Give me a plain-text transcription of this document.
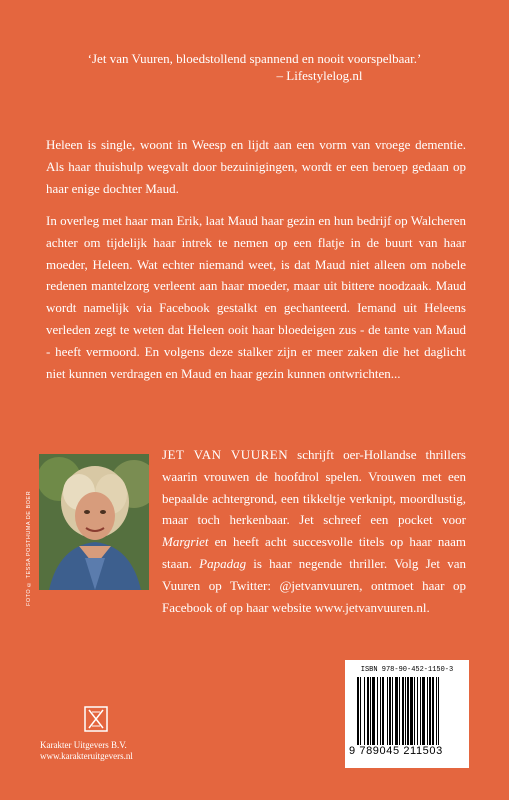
‘Jet van Vuuren, bloedstollend spannend en nooit voorspelbaar.’
– Lifestylelog.nl

Heleen is single, woont in Weesp en lijdt aan een vorm van vroege dementie. Als haar thuishulp wegvalt door bezuinigingen, wordt er een beroep gedaan op haar enige dochter Maud.

In overleg met haar man Erik, laat Maud haar gezin en hun bedrijf op Walcheren achter om tijdelijk haar intrek te nemen op een flatje in de buurt van haar moeder, Heleen. Wat echter niemand weet, is dat Maud niet alleen om nobele redenen mantelzorg verleent aan haar moeder, maar uit bittere noodzaak. Maud wordt namelijk via Facebook gestalkt en gechanteerd. Iemand uit Heleens verleden zegt te weten dat Heleen ooit haar bloedeigen zus - de tante van Maud - heeft vermoord. En volgens deze stalker zijn er meer zaken die het daglicht niet kunnen verdragen en Maud en haar gezin kunnen ontwrichten...

FOTO © TESSA POSTHUMA DE BOER

JET VAN VUUREN schrijft oer-Hollandse thrillers waarin vrouwen de hoofdrol spelen. Vrouwen met een bepaalde achtergrond, een tikkeltje verknipt, moordlustig, maar toch herkenbaar. Jet schreef een pocket voor Margriet en heeft acht succesvolle titels op haar naam staan. Papadag is haar negende thriller. Volg Jet van Vuuren op Twitter: @jetvanvuuren, ontmoet haar op Facebook of op haar website www.jetvanvuuren.nl.

Karakter Uitgevers B.V.
www.karakteruitgevers.nl
ISBN 978-90-452-1150-3
9 789045 211503
